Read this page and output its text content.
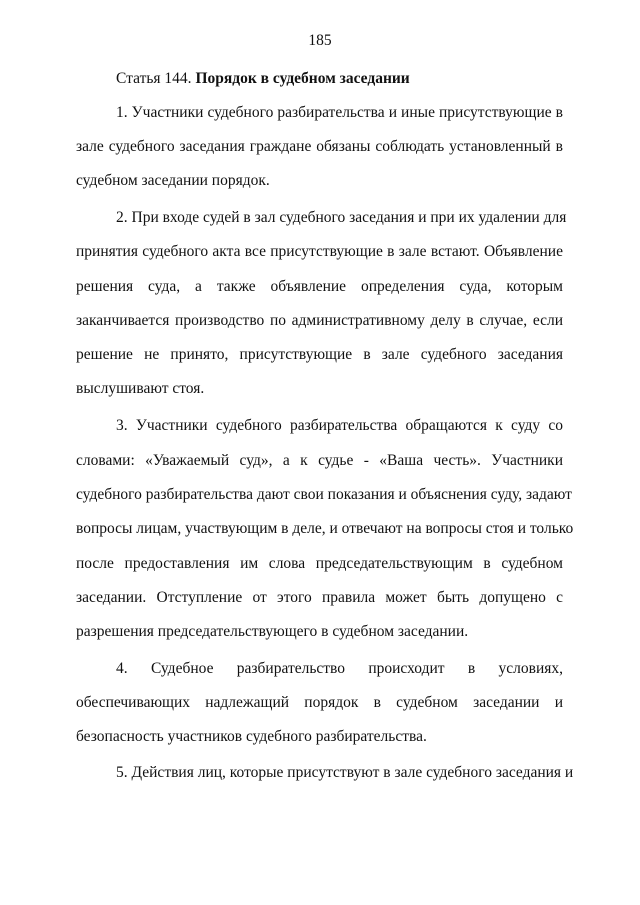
185
Статья 144. Порядок в судебном заседании
1. Участники судебного разбирательства и иные присутствующие в
зале судебного заседания граждане обязаны соблюдать установленный в
судебном заседании порядок.
2. При входе судей в зал судебного заседания и при их удалении для
принятия судебного акта все присутствующие в зале встают. Объявление
решения суда, а также объявление определения суда, которым
заканчивается производство по административному делу в случае, если
решение не принято, присутствующие в зале судебного заседания
выслушивают стоя.
3. Участники судебного разбирательства обращаются к суду со
словами: «Уважаемый суд», а к судье - «Ваша честь». Участники
судебного разбирательства дают свои показания и объяснения суду, задают
вопросы лицам, участвующим в деле, и отвечают на вопросы стоя и только
после предоставления им слова председательствующим в судебном
заседании. Отступление от этого правила может быть допущено с
разрешения председательствующего в судебном заседании.
4. Судебное разбирательство происходит в условиях,
обеспечивающих надлежащий порядок в судебном заседании и
безопасность участников судебного разбирательства.
5. Действия лиц, которые присутствуют в зале судебного заседания и
